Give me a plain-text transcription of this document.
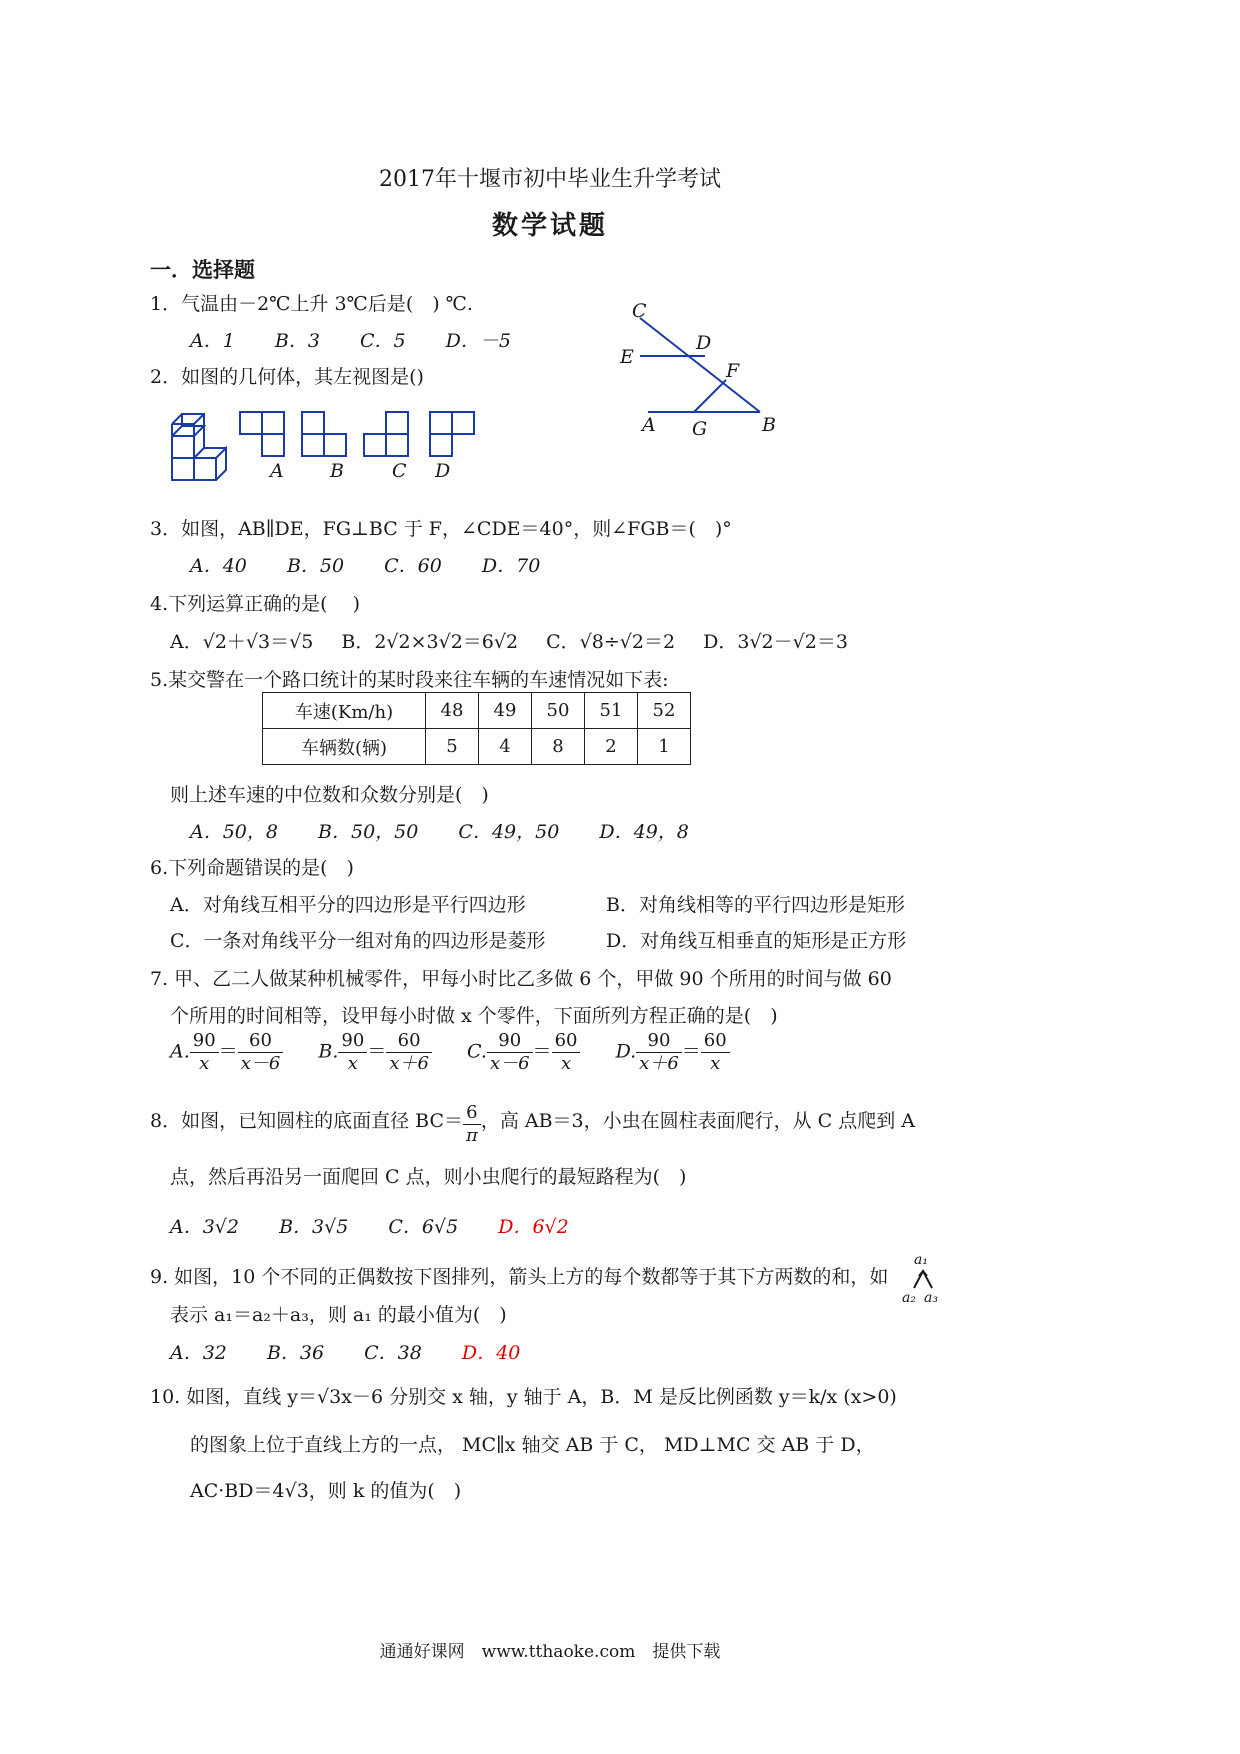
2017年十堰市初中毕业生升学考试
数学试题
一．选择题
1．气温由－2℃上升 3℃后是(　) ℃.
A．1 B．3 C．5 D．－5
2．如图的几何体，其左视图是()
A B	C D
C
D
E
F
A G	B
3．如图，AB∥DE，FG⊥BC 于 F，∠CDE＝40°，则∠FGB＝(　)°
A．40 B．50 C．60 D．70
4.下列运算正确的是(　 )
A．√2＋√3＝√5 B．2√2×3√2＝6√2 C．√8÷√2＝2 D．3√2－√2＝3
5.某交警在一个路口统计的某时段来往车辆的车速情况如下表:
车速(Km/h)	48	49	50	51	52
车辆数(辆)	5	4	8	2	1
则上述车速的中位数和众数分别是(　)
A．50，8 B．50，50 C．49，50 D．49，8
6.下列命题错误的是(　)
A．对角线互相平分的四边形是平行四边形	B．对角线相等的平行四边形是矩形
C．一条对角线平分一组对角的四边形是菱形	D．对角线互相垂直的矩形是正方形
7. 甲、乙二人做某种机械零件，甲每小时比乙多做 6 个，甲做 90 个所用的时间与做 60
个所用的时间相等，设甲每小时做 x 个零件，下面所列方程正确的是(　)
A. $\frac{90}{x} = \frac{60}{x-6} B$. $\frac{90}{x} = \frac{60}{x+6} C$. $\frac{90}{x-6} = \frac{60}{x} D$. $\frac{90}{x+6} = \frac{60}{x}$
8．如图，已知圆柱的底面直径 $BC= \frac{6}{\pi}$ ，高 AB＝3，小虫在圆柱表面爬行，从 C 点爬到 A
点，然后再沿另一面爬回 C 点，则小虫爬行的最短路程为(　)
A．3√2 B．3√5 C．6√5 D．6√2
9. 如图，10 个不同的正偶数按下图排列，箭头上方的每个数都等于其下方两数的和，如
a₁
a₂ a₃
表示 a₁＝a₂＋a₃，则 a₁ 的最小值为(　)
A．32 B．36 C．38 D．40
10. 如图，直线 y＝√3x－6 分别交 x 轴，y 轴于 A，B．M 是反比例函数 y＝k/x (x>0)
的图象上位于直线上方的一点， MC∥x 轴交 AB 于 C， MD⊥MC 交 AB 于 D，
AC·BD＝4√3，则 k 的值为(　)
通通好课网　www.tthaoke.com　提供下载
